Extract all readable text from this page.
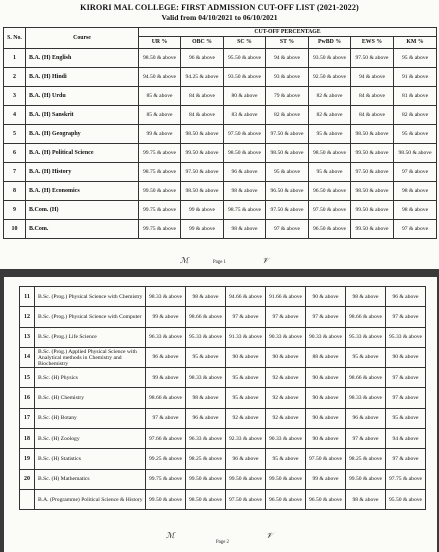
KIRORI MAL COLLEGE: FIRST ADMISSION CUT-OFF LIST (2021-2022)
Valid from 04/10/2021 to 06/10/2021
S. No.	Course	CUT-OFF PERCENTAGE						
		UR %	OBC %	SC %	ST %	PwBD %	EWS %	KM %
1	B.A. (H) English	98.50 & above	96 & above	95.50 & above	94 & above	93.50 & above	97.50 & above	95 & above
2	B.A. (H) Hindi	94.50 & above	94.25 & above	93.50 & above	93 & above	92.50 & above	94 & above	91 & above
3	B.A. (H) Urdu	85 & above	84 & above	80 & above	79 & above	82 & above	84 & above	81 & above
4	B.A. (H) Sanskrit	85 & above	84 & above	83 & above	82 & above	82 & above	84 & above	82 & above
5	B.A. (H) Geography	99 & above	98.50 & above	97.50 & above	97.50 & above	95 & above	98.50 & above	95 & above
6	B.A. (H) Political Science	99.75 & above	99.50 & above	98.50 & above	98.50 & above	98.50 & above	99.50 & above	98.50 & above
7	B.A. (H) History	98.75 & above	97.50 & above	96 & above	95 & above	95 & above	97.50 & above	97 & above
8	B.A. (H) Economics	99.50 & above	98.50 & above	98 & above	96.50 & above	96.50 & above	98.50 & above	98 & above
9	B.Com. (H)	99.75 & above	99 & above	98.75 & above	97.50 & above	97.50 & above	99.50 & above	98 & above
10	B.Com.	99.75 & above	99 & above	98 & above	97 & above	96.50 & above	99.50 & above	97 & above
ℳ	Page 1	𝒱
11	B.Sc. (Prog.) Physical Science with Chemistry	98.33 & above	98 & above	94.66 & above	91.66 & above	90 & above	98 & above	96 & above
12	B.Sc. (Prog.) Physical Science with Computer	99 & above	98.66 & above	97 & above	97 & above	97 & above	98.66 & above	97 & above
13	B.Sc. (Prog.) Life Science	96.33 & above	95.33 & above	91.33 & above	90.33 & above	90.33 & above	95.33 & above	95.33 & above
14	B.Sc. (Prog.) Applied Physical Science with Analytical methods in Chemistry and Biochemistry	96 & above	95 & above	90 & above	90 & above	88 & above	95 & above	90 & above
15	B.Sc. (H) Physics	99 & above	98.33 & above	95 & above	92 & above	90 & above	98.66 & above	97 & above
16	B.Sc. (H) Chemistry	98.66 & above	98 & above	95 & above	92 & above	90 & above	98.33 & above	97 & above
17	B.Sc. (H) Botany	97 & above	96 & above	92 & above	92 & above	90 & above	96 & above	95 & above
18	B.Sc. (H) Zoology	97.66 & above	96.33 & above	92.33 & above	90.33 & above	90 & above	97 & above	94 & above
19	B.Sc. (H) Statistics	99.25 & above	98.25 & above	96 & above	95 & above	97.50 & above	98.25 & above	97 & above
20	B.Sc. (H) Mathematics	99.75 & above	99.50 & above	99.50 & above	99.50 & above	99 & above	99.50 & above	97.75 & above
	B.A. (Programme) Political Science & History	99.50 & above	98.50 & above	97.50 & above	96.50 & above	96.50 & above	98 & above	95.50 & above
ℳ
Page 2
𝒱
